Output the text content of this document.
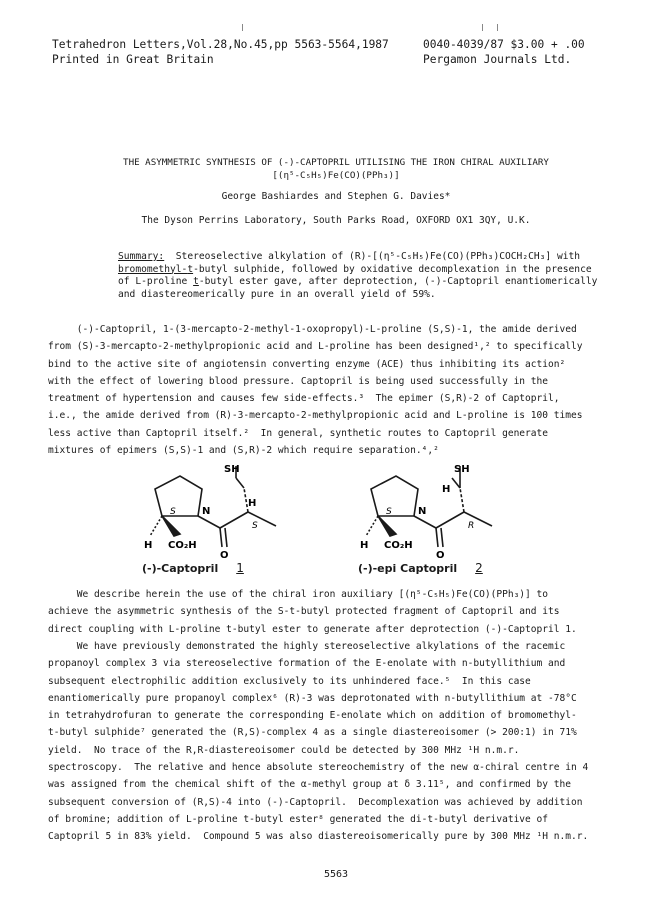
Tetrahedron Letters,Vol.28,No.45,pp 5563-5564,1987
Printed in Great Britain
0040-4039/87 $3.00 + .00
Pergamon Journals Ltd.
THE ASYMMETRIC SYNTHESIS OF (-)-CAPTOPRIL UTILISING THE IRON CHIRAL AUXILIARY
[(η⁵-C₅H₅)Fe(CO)(PPh₃)]
George Bashiardes and Stephen G. Davies*
The Dyson Perrins Laboratory, South Parks Road, OXFORD OX1 3QY, U.K.
Summary:  Stereoselective alkylation of (R)-[(η⁵-C₅H₅)Fe(CO)(PPh₃)COCH₂CH₃] with
bromomethyl-t-butyl sulphide, followed by oxidative decomplexation in the presence
of L-proline t-butyl ester gave, after deprotection, (-)-Captopril enantiomerically
and diastereomerically pure in an overall yield of 59%.
(-)-Captopril, 1-(3-mercapto-2-methyl-1-oxopropyl)-L-proline (S,S)-1, the amide derived
from (S)-3-mercapto-2-methylpropionic acid and L-proline has been designed¹,² to specifically
bind to the active site of angiotensin converting enzyme (ACE) thus inhibiting its action²
with the effect of lowering blood pressure. Captopril is being used successfully in the
treatment of hypertension and causes few side-effects.³  The epimer (S,R)-2 of Captopril,
i.e., the amide derived from (R)-3-mercapto-2-methylpropionic acid and L-proline is 100 times
less active than Captopril itself.²  In general, synthetic routes to Captopril generate
mixtures of epimers (S,S)-1 and (S,R)-2 which require separation.⁴,²
SH
H
N
S
S
H CO₂H
O
SH
H
N
S
R
H CO₂H
O
(-)-Captopril 1	(-)-epi Captopril 2
We describe herein the use of the chiral iron auxiliary [(η⁵-C₅H₅)Fe(CO)(PPh₃)] to
achieve the asymmetric synthesis of the S-t-butyl protected fragment of Captopril and its
direct coupling with L-proline t-butyl ester to generate after deprotection (-)-Captopril 1.
We have previously demonstrated the highly stereoselective alkylations of the racemic
propanoyl complex 3 via stereoselective formation of the E-enolate with n-butyllithium and
subsequent electrophilic addition exclusively to its unhindered face.⁵  In this case
enantiomerically pure propanoyl complex⁶ (R)-3 was deprotonated with n-butyllithium at -78°C
in tetrahydrofuran to generate the corresponding E-enolate which on addition of bromomethyl-
t-butyl sulphide⁷ generated the (R,S)-complex 4 as a single diastereoisomer (> 200:1) in 71%
yield.  No trace of the R,R-diastereoisomer could be detected by 300 MHz ¹H n.m.r.
spectroscopy.  The relative and hence absolute stereochemistry of the new α-chiral centre in 4
was assigned from the chemical shift of the α-methyl group at δ 3.11⁵, and confirmed by the
subsequent conversion of (R,S)-4 into (-)-Captopril.  Decomplexation was achieved by addition
of bromine; addition of L-proline t-butyl ester⁸ generated the di-t-butyl derivative of
Captopril 5 in 83% yield.  Compound 5 was also diastereoisomerically pure by 300 MHz ¹H n.m.r.
5563
